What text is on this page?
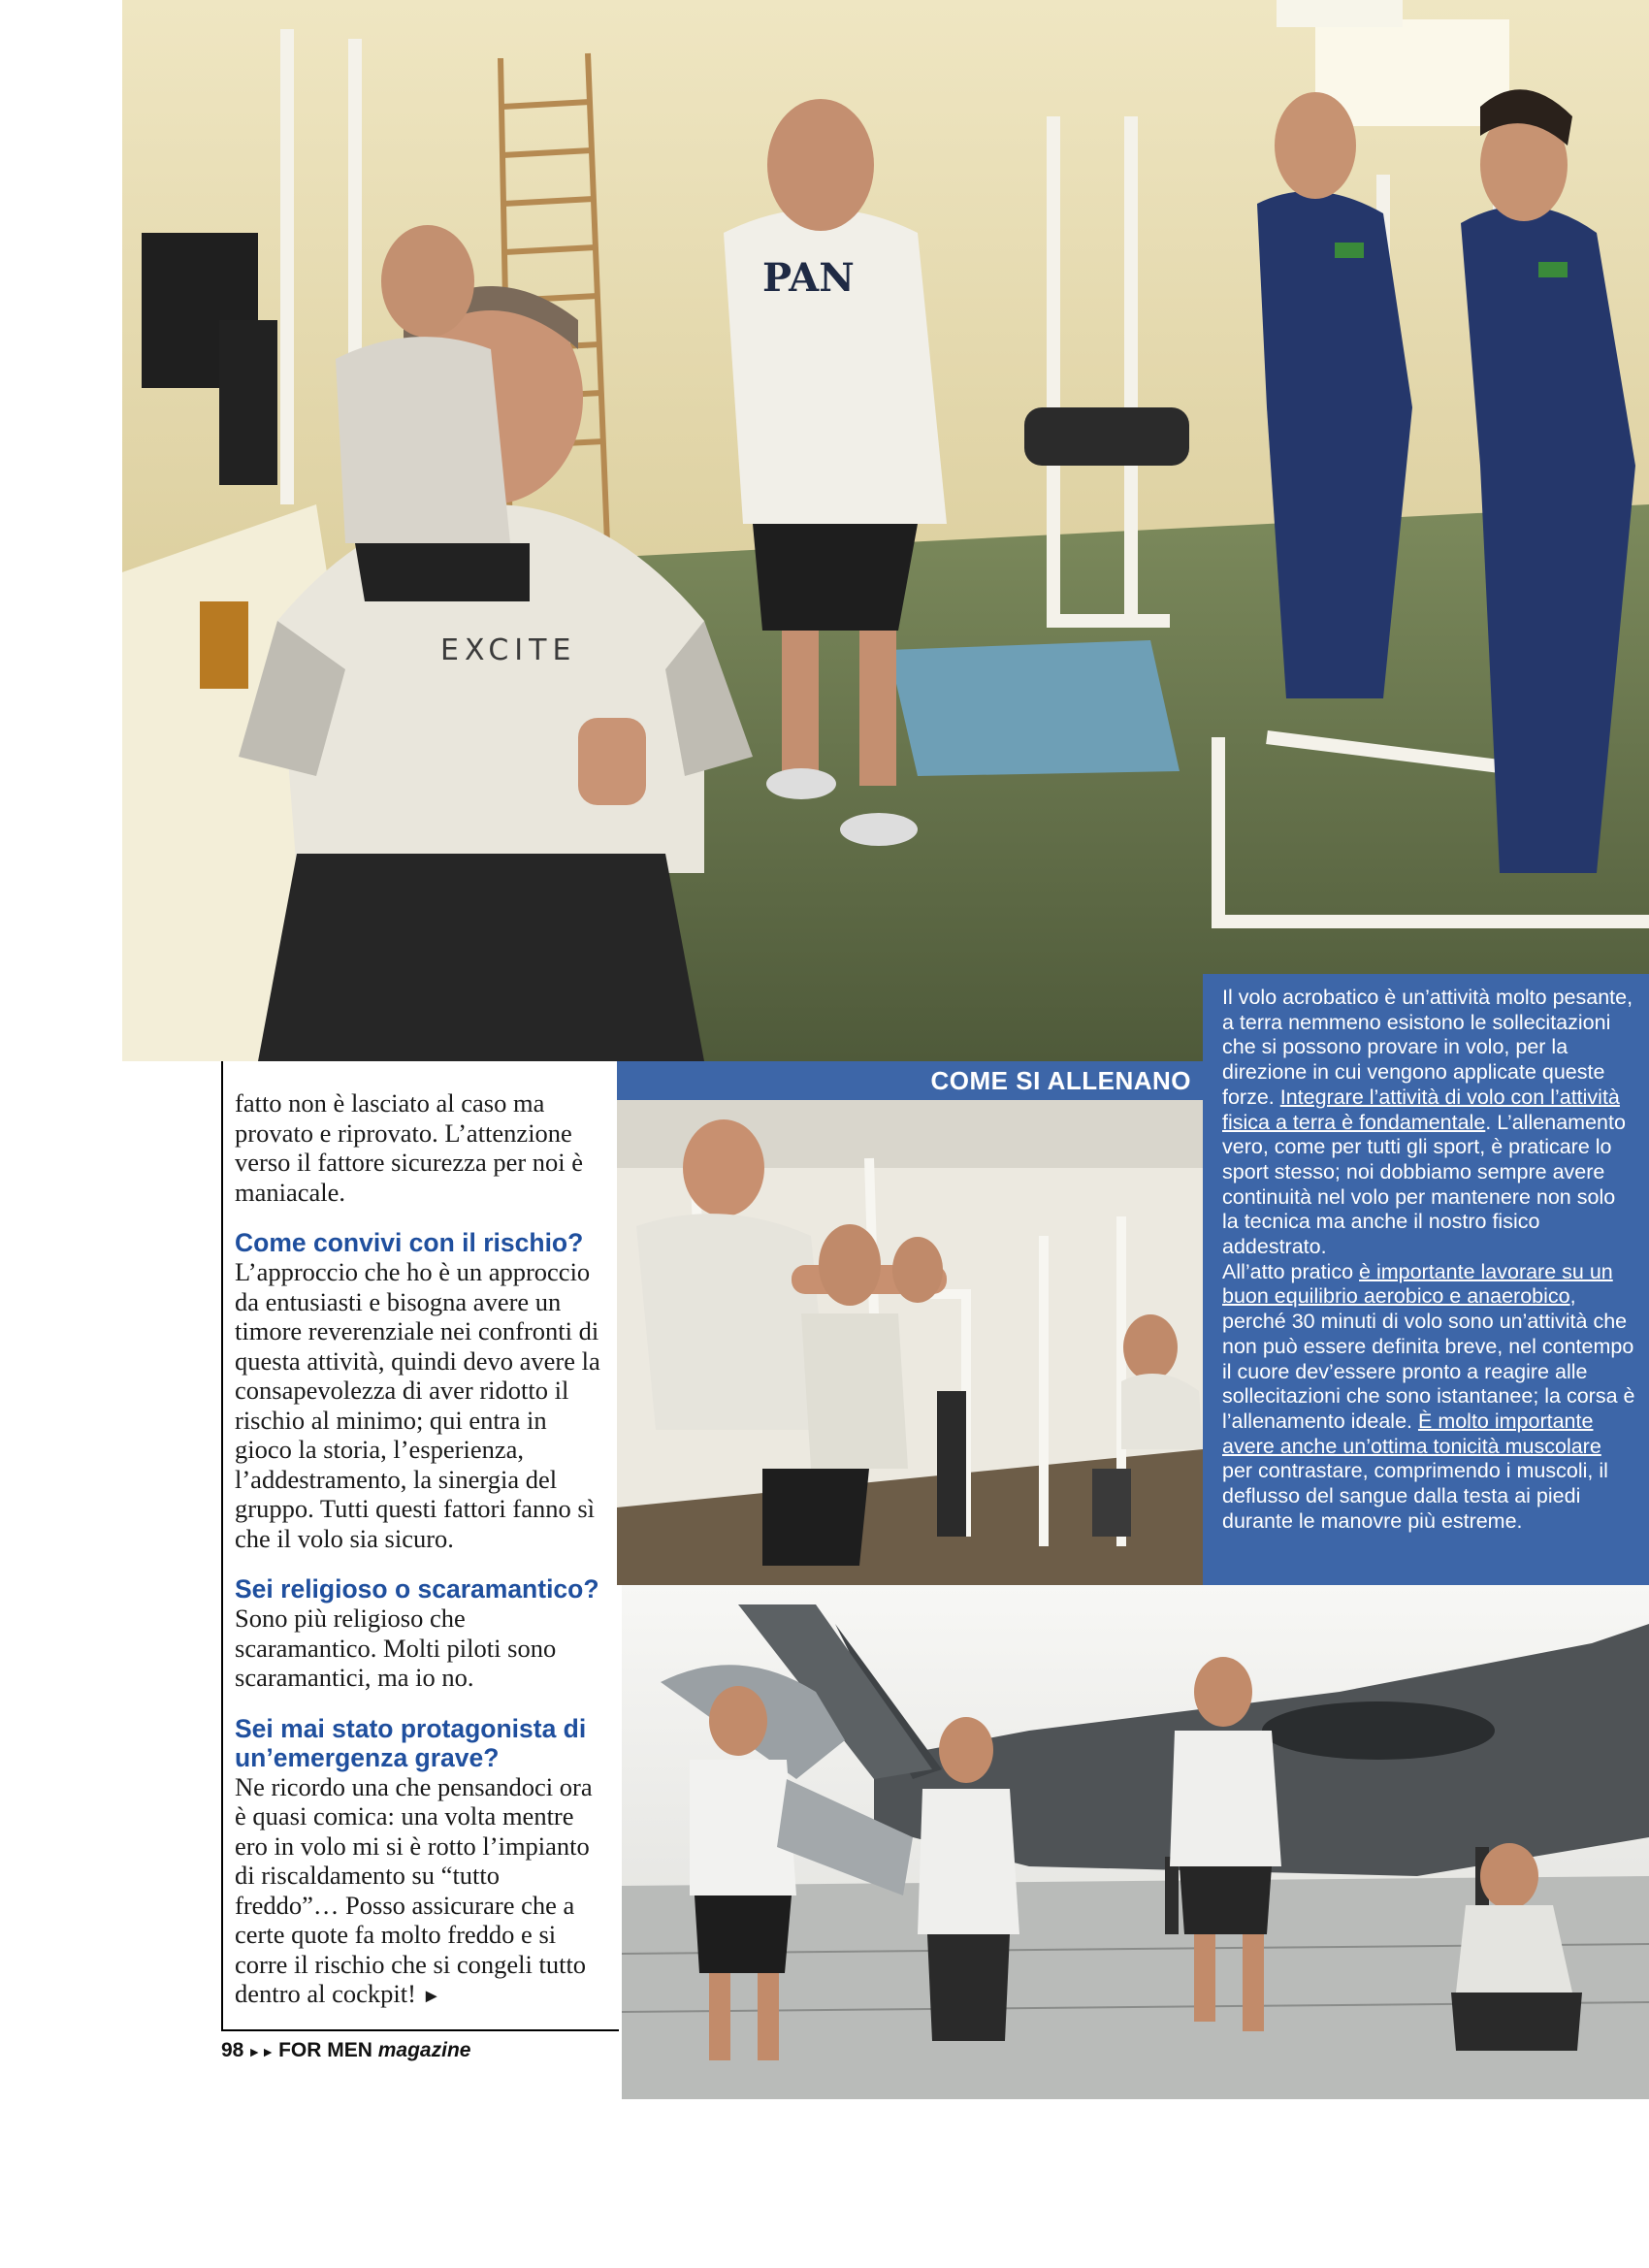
EXCITE
PAN
COME SI ALLENANO

Il volo acrobatico è un’attività molto pesante, a terra nemmeno esistono le sollecitazioni che si possono provare in volo, per la direzione in cui vengono applicate queste forze. Integrare l’attività di volo con l’attività fisica a terra è fondamentale. L’allenamento vero, come per tutti gli sport, è praticare lo sport stesso; noi dobbiamo sempre avere continuità nel volo per mantenere non solo la tecnica ma anche il nostro fisico addestrato.

All’atto pratico è importante lavorare su un buon equilibrio aerobico e anaerobico, perché 30 minuti di volo sono un’attività che non può essere definita breve, nel contempo il cuore dev’essere pronto a reagire alle sollecitazioni che sono istantanee; la corsa è l’allenamento ideale. È molto importante avere anche un’ottima tonicità muscolare per contrastare, comprimendo i muscoli, il deflusso del sangue dalla testa ai piedi durante le manovre più estreme.

fatto non è lasciato al caso ma provato e riprovato. L’attenzione verso il fattore sicurezza per noi è maniacale.

Come convivi con il rischio?

L’approccio che ho è un approccio da entusiasti e bisogna avere un timore reverenziale nei confronti di questa attività, quindi devo avere la consapevolezza di aver ridotto il rischio al minimo; qui entra in gioco la storia, l’esperienza, l’addestramento, la sinergia del gruppo. Tutti questi fattori fanno sì che il volo sia sicuro.

Sei religioso o scaramantico?

Sono più religioso che scaramantico. Molti piloti sono scaramantici, ma io no.

Sei mai stato protagonista di un’emergenza grave?

Ne ricordo una che pensandoci ora è quasi comica: una volta mentre ero in volo mi si è rotto l’impianto di riscaldamento su “tutto freddo”… Posso assicurare che a certe quote fa molto freddo e si corre il rischio che si congeli tutto dentro al cockpit! ►

98 ►► FOR MEN magazine
